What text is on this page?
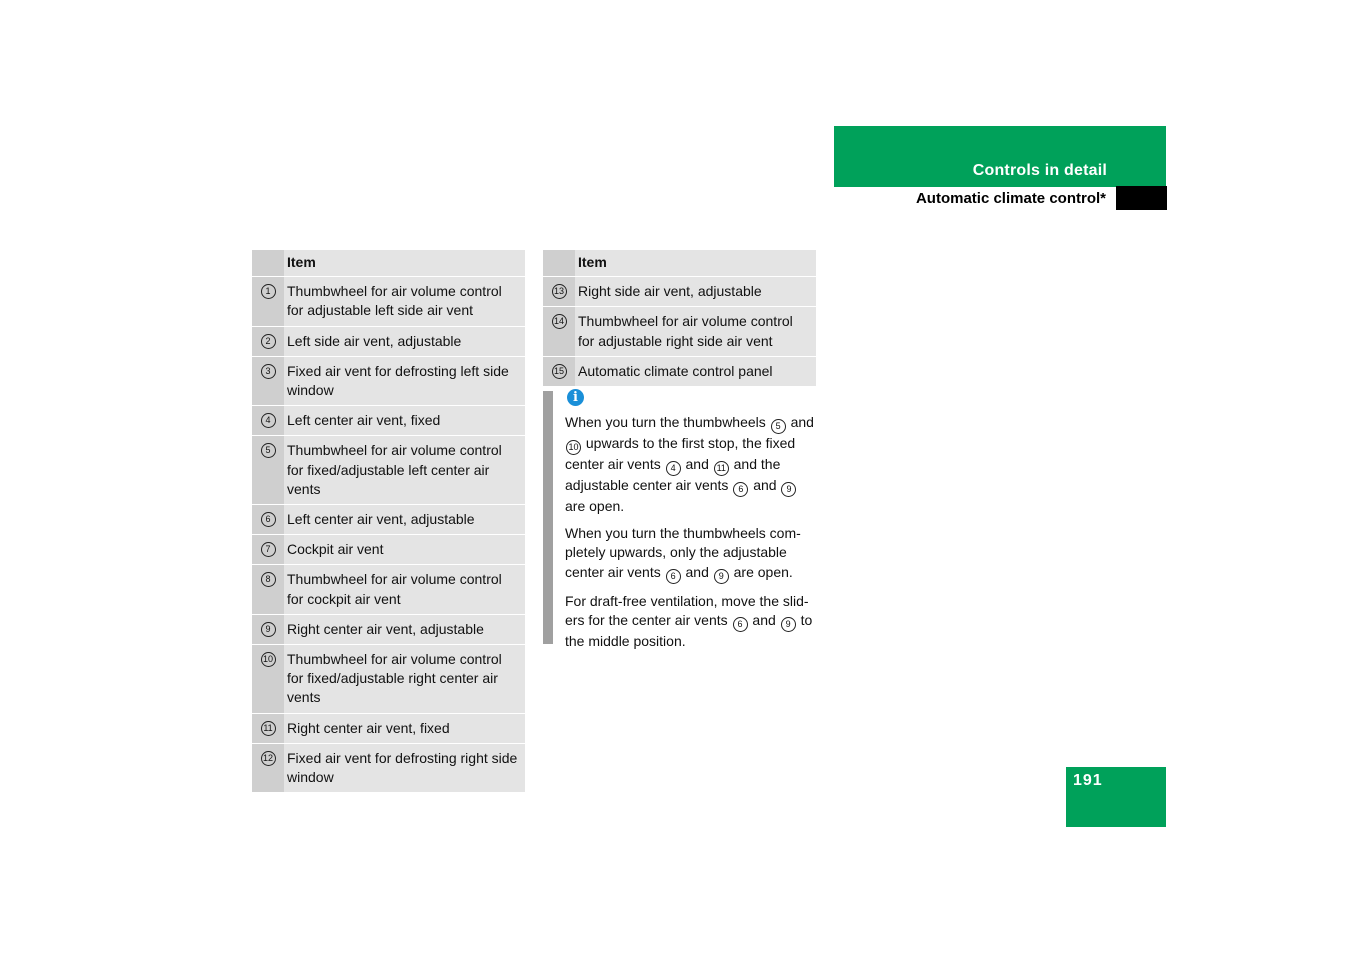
Controls in detail
Automatic climate control*
	Item
1	Thumbwheel for air volume control for adjustable left side air vent
2	Left side air vent, adjustable
3	Fixed air vent for defrosting left side window
4	Left center air vent, fixed
5	Thumbwheel for air volume control for fixed/adjustable left center air vents
6	Left center air vent, adjustable
7	Cockpit air vent
8	Thumbwheel for air volume control for cockpit air vent
9	Right center air vent, adjustable
10	Thumbwheel for air volume control for fixed/adjustable right center air vents
11	Right center air vent, fixed
12	Fixed air vent for defrosting right side window
	Item
13	Right side air vent, adjustable
14	Thumbwheel for air volume control for adjustable right side air vent
15	Automatic climate control panel
i

When you turn the thumbwheels 5 and 10 upwards to the first stop, the fixed center air vents 4 and 11 and the adjustable center air vents 6 and 9 are open.

When you turn the thumbwheels com-pletely upwards, only the adjustable center air vents 6 and 9 are open.

For draft-free ventilation, move the slid-ers for the center air vents 6 and 9 to the middle position.

191
